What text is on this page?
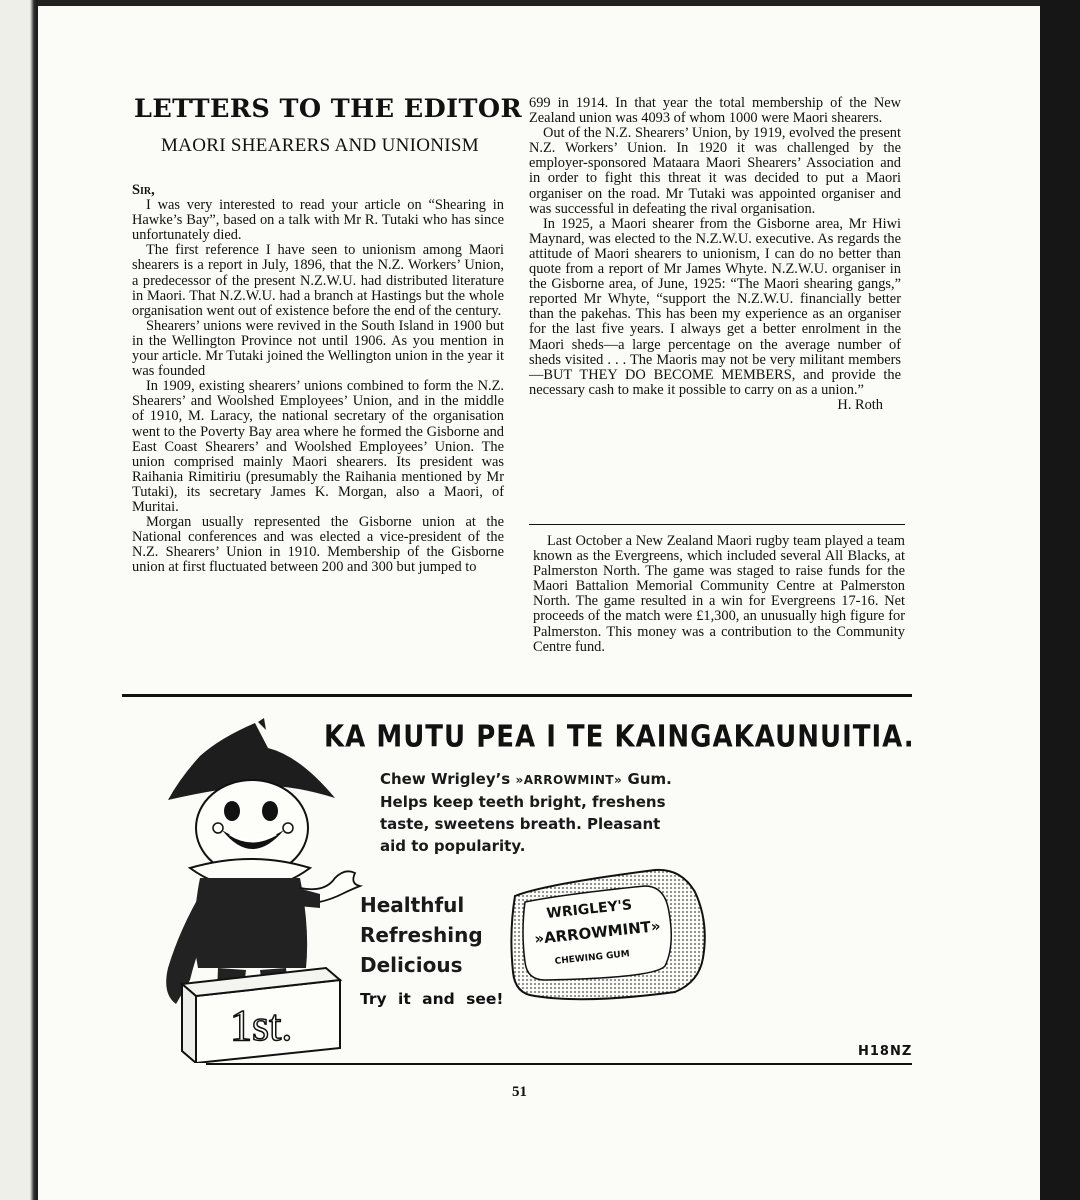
LETTERS TO THE EDITOR
MAORI SHEARERS AND UNIONISM

Sir,

I was very interested to read your article on “Shearing in Hawke’s Bay”, based on a talk with Mr R. Tutaki who has since unfortunately died.

The first reference I have seen to unionism among Maori shearers is a report in July, 1896, that the N.Z. Workers’ Union, a predecessor of the present N.Z.W.U. had distributed literature in Maori. That N.Z.W.U. had a branch at Hastings but the whole organisation went out of existence before the end of the century.

Shearers’ unions were revived in the South Island in 1900 but in the Wellington Province not until 1906. As you mention in your article. Mr Tutaki joined the Wellington union in the year it was founded

In 1909, existing shearers’ unions combined to form the N.Z. Shearers’ and Woolshed Employees’ Union, and in the middle of 1910, M. Laracy, the national secretary of the organisation went to the Poverty Bay area where he formed the Gisborne and East Coast Shearers’ and Woolshed Employees’ Union. The union comprised mainly Maori shearers. Its president was Raihania Rimitiriu (presumably the Raihania mentioned by Mr Tutaki), its secretary James K. Morgan, also a Maori, of Muritai.

Morgan usually represented the Gisborne union at the National conferences and was elected a vice-president of the N.Z. Shearers’ Union in 1910. Membership of the Gisborne union at first fluctuated between 200 and 300 but jumped to

699 in 1914. In that year the total membership of the New Zealand union was 4093 of whom 1000 were Maori shearers.

Out of the N.Z. Shearers’ Union, by 1919, evolved the present N.Z. Workers’ Union. In 1920 it was challenged by the employer-sponsored Mataara Maori Shearers’ Association and in order to fight this threat it was decided to put a Maori organiser on the road. Mr Tutaki was appointed organiser and was successful in defeating the rival organisation.

In 1925, a Maori shearer from the Gisborne area, Mr Hiwi Maynard, was elected to the N.Z.W.U. executive. As regards the attitude of Maori shearers to unionism, I can do no better than quote from a report of Mr James Whyte. N.Z.W.U. organiser in the Gisborne area, of June, 1925: “The Maori shearing gangs,” reported Mr Whyte, “support the N.Z.W.U. financially better than the pakehas. This has been my experience as an organiser for the last five years. I always get a better enrolment in the Maori sheds—a large percentage on the average number of sheds visited . . . The Maoris may not be very militant members—BUT THEY DO BECOME MEMBERS, and provide the necessary cash to make it possible to carry on as a union.”

H. Roth

Last October a New Zealand Maori rugby team played a team known as the Evergreens, which included several All Blacks, at Palmerston North. The game was staged to raise funds for the Maori Battalion Memorial Community Centre at Palmerston North. The game resulted in a win for Evergreens 17-16. Net proceeds of the match were £1,300, an unusually high figure for Palmerston. This money was a contribution to the Community Centre fund.

KA MUTU PEA I TE KAINGAKAUNUITIA.
Chew Wrigley’s »ARROWMINT» Gum. Helps keep teeth bright, freshens taste, sweetens breath. Pleasant aid to popularity.
Healthful
Refreshing
Delicious
Try it and see!
H18NZ
1st.
WRIGLEY'S
»ARROWMINT»
CHEWING GUM
51
